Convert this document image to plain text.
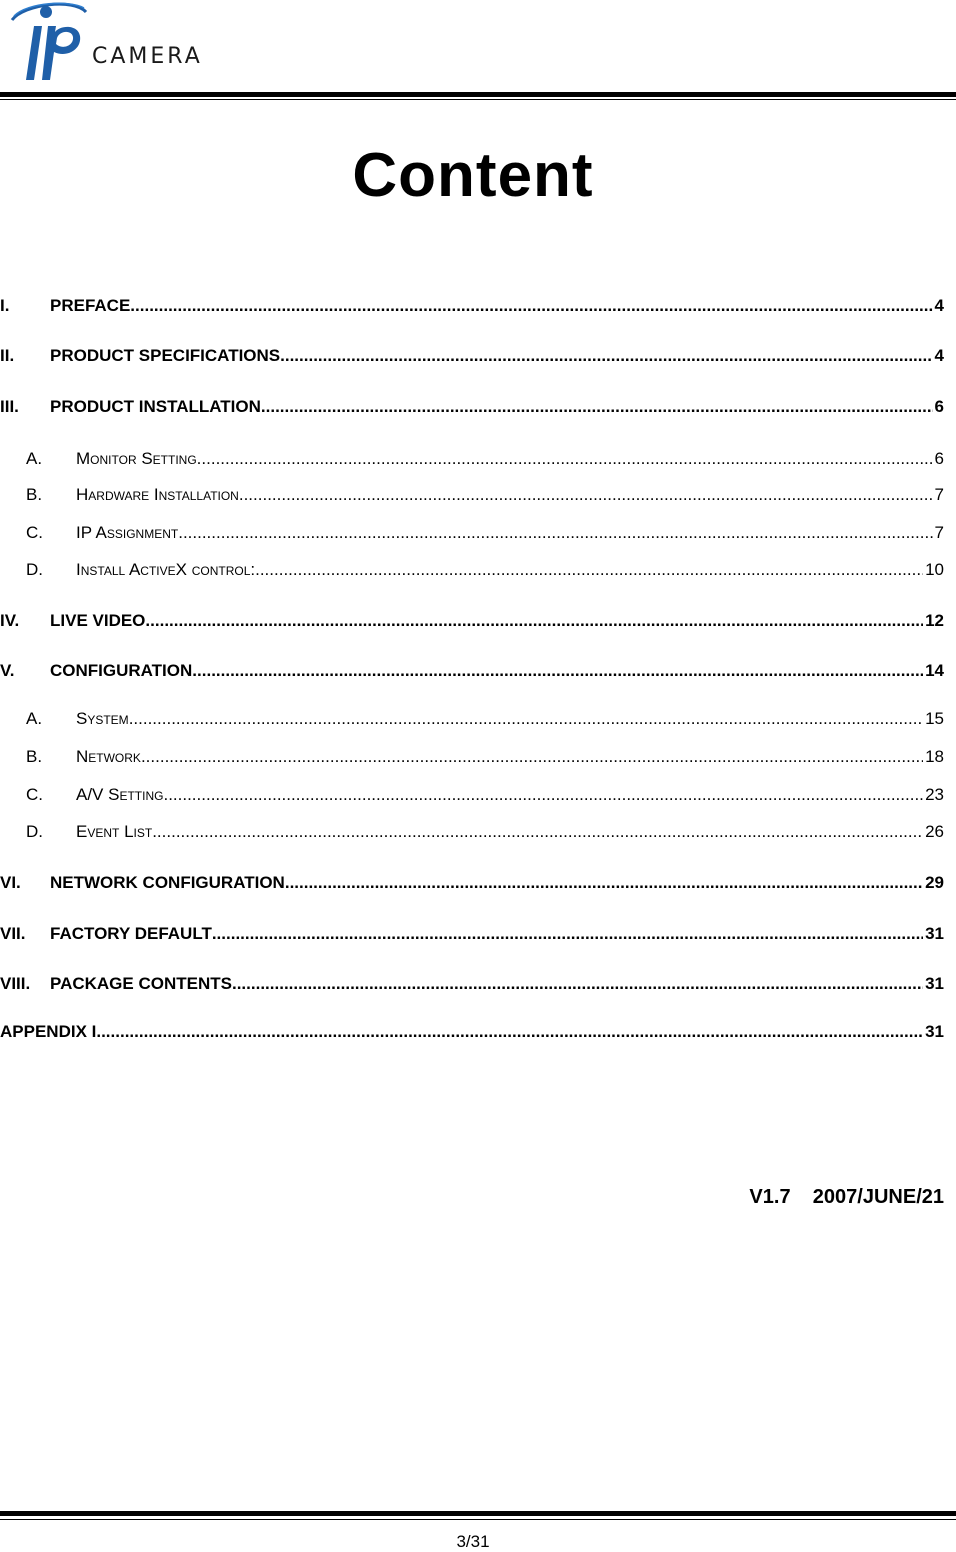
CAMERA
Content
I.	PREFACE .....	4
II.	PRODUCT SPECIFICATIONS .....	4
III.	PRODUCT INSTALLATION .....	6
A.	Monitor Setting .....	6
B.	Hardware Installation .....	7
C.	IP Assignment .....	7
D.	Install ActiveX control: .....	10
IV.	LIVE VIDEO .....	12
V.	CONFIGURATION .....	14
A.	System .....	15
B.	Network .....	18
C.	A/V Setting .....	23
D.	Event List .....	26
VI.	NETWORK CONFIGURATION .....	29
VII.	FACTORY DEFAULT .....	31
VIII.	PACKAGE CONTENTS .....	31
APPENDIX I .....	31
V1.7    2007/JUNE/21
3/31
